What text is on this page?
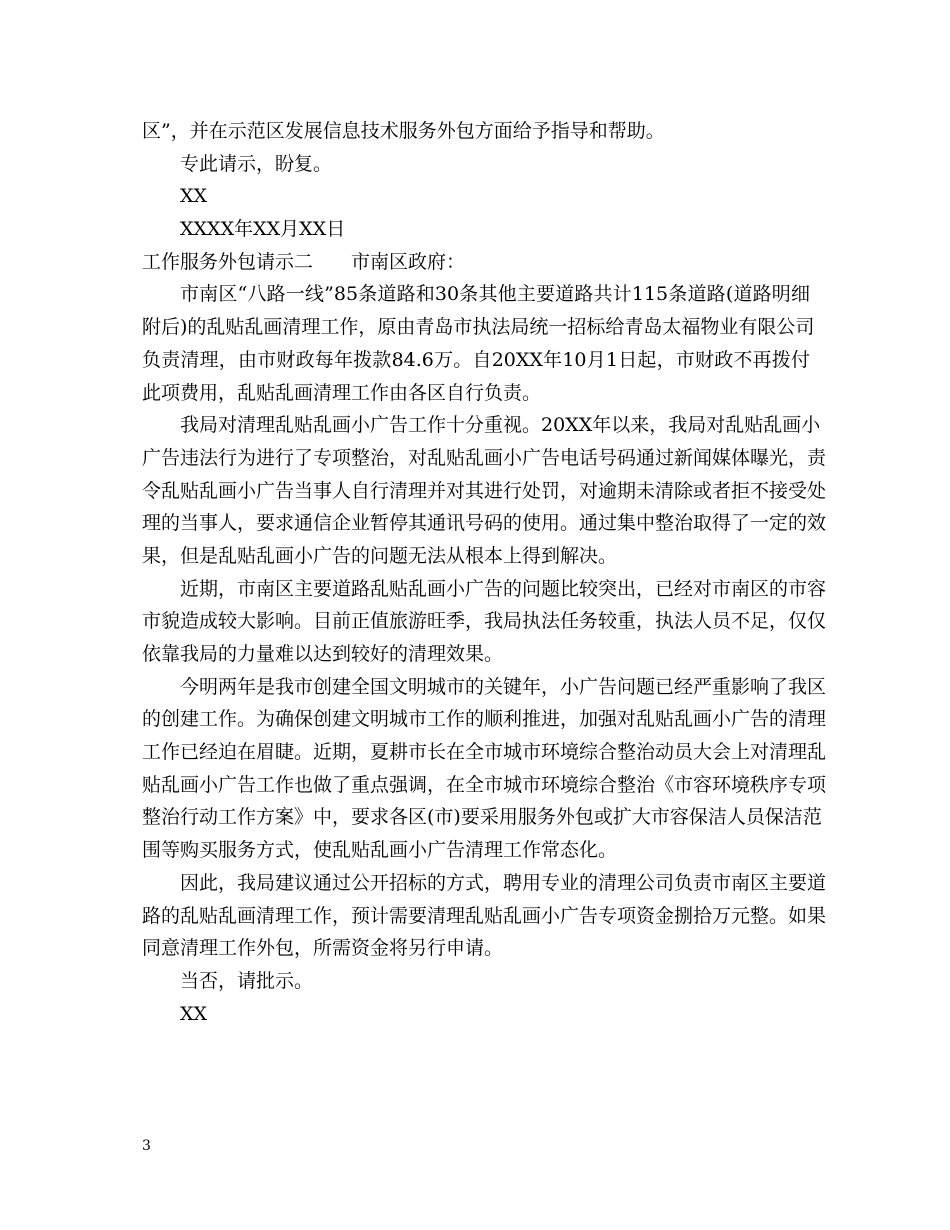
区”，并在示范区发展信息技术服务外包方面给予指导和帮助。

专此请示，盼复。

XX

XXXX年XX月XX日

工作服务外包请示二 市南区政府：

市南区“八路一线”85条道路和30条其他主要道路共计115条道路(道路明细

附后)的乱贴乱画清理工作，原由青岛市执法局统一招标给青岛太福物业有限公司

负责清理，由市财政每年拨款84.6万。自20XX年10月1日起，市财政不再拨付

此项费用，乱贴乱画清理工作由各区自行负责。

我局对清理乱贴乱画小广告工作十分重视。20XX年以来，我局对乱贴乱画小

广告违法行为进行了专项整治，对乱贴乱画小广告电话号码通过新闻媒体曝光，责

令乱贴乱画小广告当事人自行清理并对其进行处罚，对逾期未清除或者拒不接受处

理的当事人，要求通信企业暂停其通讯号码的使用。通过集中整治取得了一定的效

果，但是乱贴乱画小广告的问题无法从根本上得到解决。

近期，市南区主要道路乱贴乱画小广告的问题比较突出，已经对市南区的市容

市貌造成较大影响。目前正值旅游旺季，我局执法任务较重，执法人员不足，仅仅

依靠我局的力量难以达到较好的清理效果。

今明两年是我市创建全国文明城市的关键年，小广告问题已经严重影响了我区

的创建工作。为确保创建文明城市工作的顺利推进，加强对乱贴乱画小广告的清理

工作已经迫在眉睫。近期，夏耕市长在全市城市环境综合整治动员大会上对清理乱

贴乱画小广告工作也做了重点强调，在全市城市环境综合整治《市容环境秩序专项

整治行动工作方案》中，要求各区(市)要采用服务外包或扩大市容保洁人员保洁范

围等购买服务方式，使乱贴乱画小广告清理工作常态化。

因此，我局建议通过公开招标的方式，聘用专业的清理公司负责市南区主要道

路的乱贴乱画清理工作，预计需要清理乱贴乱画小广告专项资金捌拾万元整。如果

同意清理工作外包，所需资金将另行申请。

当否，请批示。

XX

3
